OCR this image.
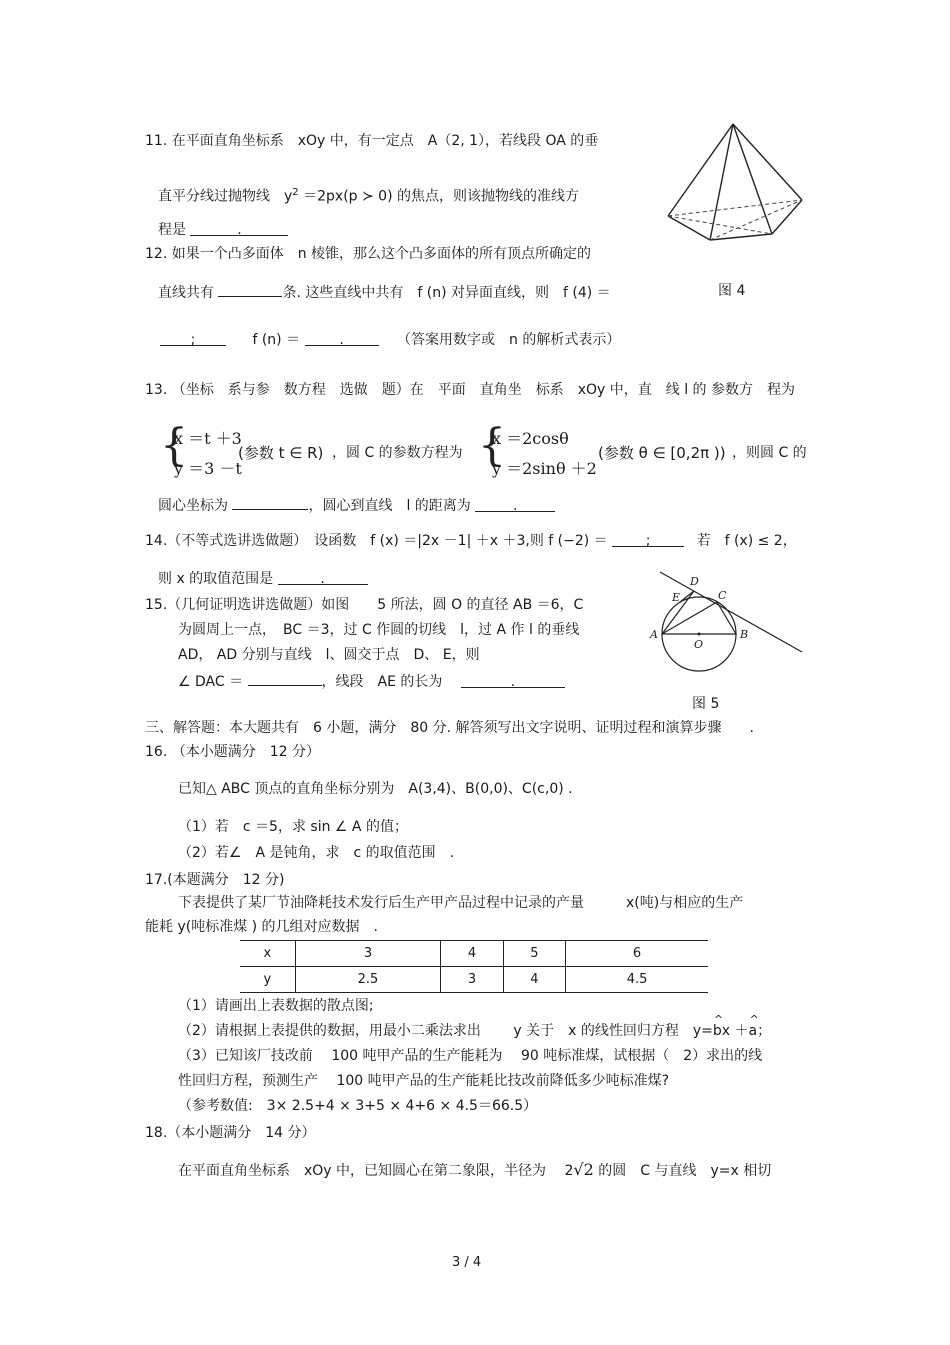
11. 在平面直角坐标系　xOy 中，有一定点　A（2, 1），若线段 OA 的垂
直平分线过抛物线　$y^2 =2px(p$ ≻ 0) 的焦点，则该抛物线的准线方
程是	.
图 4
12. 如果一个凸多面体　n 棱锥，那么这个凸多面体的所有顶点所确定的
直线共有	条. 这些直线中共有　f (n) 对异面直线，则　f (4) ＝
;	f (n) ＝	.	（答案用数字或　n 的解析式表示）
13. （坐标　系与参　数方程　选做　题）在　平面　直角坐　标系　xOy 中，直　线 l 的 参数方　程为
{
x ＝t ＋3
y ＝3 －t
(参数 t ∈ R) ，圆 C 的参数方程为 {
x ＝2cosθ
y ＝2sinθ ＋2
(参数 θ ∈ [0,2π )) ，则圆 C 的
圆心坐标为	，圆心到直线　l 的距离为	.
14.（不等式选讲选做题）　设函数　f (x) ＝|2x －1| ＋x ＋3,则 f (−2) ＝	;	若　f (x) ≤ 2，
则 x 的取值范围是	.
15.（几何证明选讲选做题）如图　　5 所法，圆 O 的直径 AB ＝6，C
为圆周上一点，　BC ＝3，过 C 作圆的切线　l，过 A 作 l 的垂线
AD， AD 分别与直线　l、圆交于点　D、 E，则
∠ DAC ＝	，线段　AE 的长为	.
A	B
C
D
E
O
图 5
三、解答题：本大题共有　6 小题，满分　80 分. 解答须写出文字说明、证明过程和演算步骤　　.
16. （本小题满分　12 分）
已知△ ABC 顶点的直角坐标分别为　A(3,4)、B(0,0)、C(c,0) .
（1）若　c ＝5，求 sin ∠ A 的值；
（2）若∠　A 是钝角，求　c 的取值范围　.
17.(本题满分　12 分)
下表提供了某厂节油降耗技术发行后生产甲产品过程中记录的产量　　　x(吨)与相应的生产
能耗 y(吨标准煤 ) 的几组对应数据　.
x	3	4	5	6
y	2.5	3	4	4.5
（1）请画出上表数据的散点图;
（2）请根据上表提供的数据，用最小二乘法求出　　 y 关于　x 的线性回归方程　y=^ bx ＋^ a；
（3）已知该厂技改前　 100 吨甲产品的生产能耗为　 90 吨标准煤，试根据（　2）求出的线
性回归方程，预测生产　 100 吨甲产品的生产能耗比技改前降低多少吨标准煤?
（参考数值:　3× 2.5+4 × 3+5 × 4+6 × 4.5＝66.5）
18.（本小题满分　14 分）
在平面直角坐标系　xOy 中，已知圆心在第二象限，半径为　 2√2 的圆　C 与直线　y=x 相切
3 / 4
